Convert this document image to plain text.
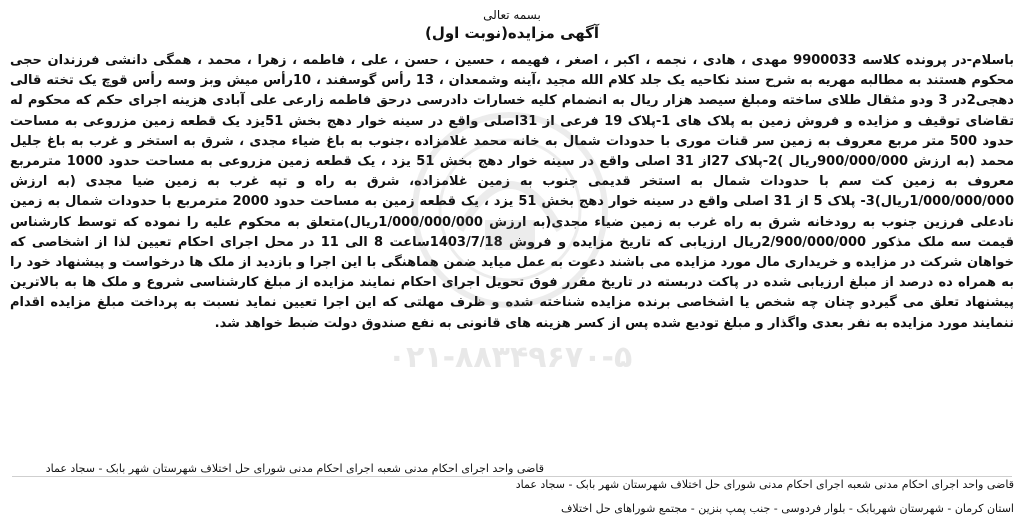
۰۲۱-۸۸۳۴۹۶۷۰-۵
بسمه تعالی
آگهی مزایده(نوبت اول)
باسلام-در پرونده کلاسه 9900033 مهدی ، هادی ، نجمه ، اکبر ، اصغر ، فهیمه ، حسین ، حسن ، علی ، فاطمه ، زهرا ، محمد ، همگی دانشی فرزندان حجی محکوم هستند به مطالبه مهریه به شرح سند نکاحیه یک جلد کلام الله مجید ،آینه وشمعدان ، 13 رأس گوسفند ، 10رأس میش وبز وسه رأس قوچ یک تخته قالی دهجی2در 3 ودو مثقال طلای ساخته ومبلغ سیصد هزار ریال به انضمام کلیه خسارات دادرسی درحق فاطمه زارعی علی آبادی هزینه اجرای حکم که محکوم له تقاضای توقیف و مزایده و فروش زمین به پلاک های 1-پلاک 19 فرعی از 31اصلی واقع در سینه خوار دهج بخش 51یزد یک قطعه زمین مزروعی به مساحت حدود 500 متر مربع معروف به زمین سر قنات موری با حدودات شمال به خانه محمد غلامزاده ،جنوب به باغ ضیاء مجدی ، شرق به استخر و غرب به باغ جلیل محمد (به ارزش 900/000/000ریال )2-پلاک 27از 31 اصلی واقع در سینه خوار دهج بخش 51 یزد ، یک قطعه زمین مزروعی به مساحت حدود 1000 مترمربع معروف به زمین کت سم با حدودات شمال به استخر قدیمی جنوب به زمین غلامزاده، شرق به راه و تپه غرب به زمین ضیا مجدی (به ارزش 1/000/000/000ریال)3- پلاک 5 از 31 اصلی واقع در سینه خوار دهج بخش 51 یزد ، یک قطعه زمین به مساحت حدود 2000 مترمربع با حدودات شمال به زمین نادعلی فرزین جنوب به رودخانه شرق به راه غرب به زمین ضیاء مجدی(به ارزش 1/000/000/000ریال)متعلق به محکوم علیه را نموده که توسط کارشناس قیمت سه ملک مذکور 2/900/000/000ریال ارزیابی که تاریخ مزایده و فروش 1403/7/18ساعت 8 الی 11 در محل اجرای احکام تعیین لذا از اشخاصی که خواهان شرکت در مزایده و خریداری مال مورد مزایده می باشند دعوت به عمل میاید ضمن هماهنگی با این اجرا و بازدید از ملک ها درخواست و پیشنهاد خود را به همراه ده درصد از مبلغ ارزیابی شده در پاکت دربسته در تاریخ مقرر فوق تحویل اجرای احکام نمایند مزایده از مبلغ کارشناسی شروع و ملک ها به بالاترین پیشنهاد تعلق می گیردو چنان چه شخص یا اشخاصی برنده مزایده شناخته شده و ظرف مهلتی که این اجرا تعیین نماید نسبت به پرداخت مبلغ مزایده اقدام ننمایند مورد مزایده به نفر بعدی واگذار و مبلغ تودیع شده پس از کسر هزینه های قانونی به نفع صندوق دولت ضبط خواهد شد.
قاضی واحد اجرای احکام مدنی شعبه اجرای احکام مدنی شورای حل اختلاف شهرستان شهر بابک - سجاد عماد
قاضی واحد اجرای احکام مدنی شعبه اجرای احکام مدنی شورای حل اختلاف شهرستان شهر بابک - سجاد عماد
استان کرمان - شهرستان شهربابک - بلوار فردوسی - جنب پمپ بنزین - مجتمع شوراهای حل اختلاف
